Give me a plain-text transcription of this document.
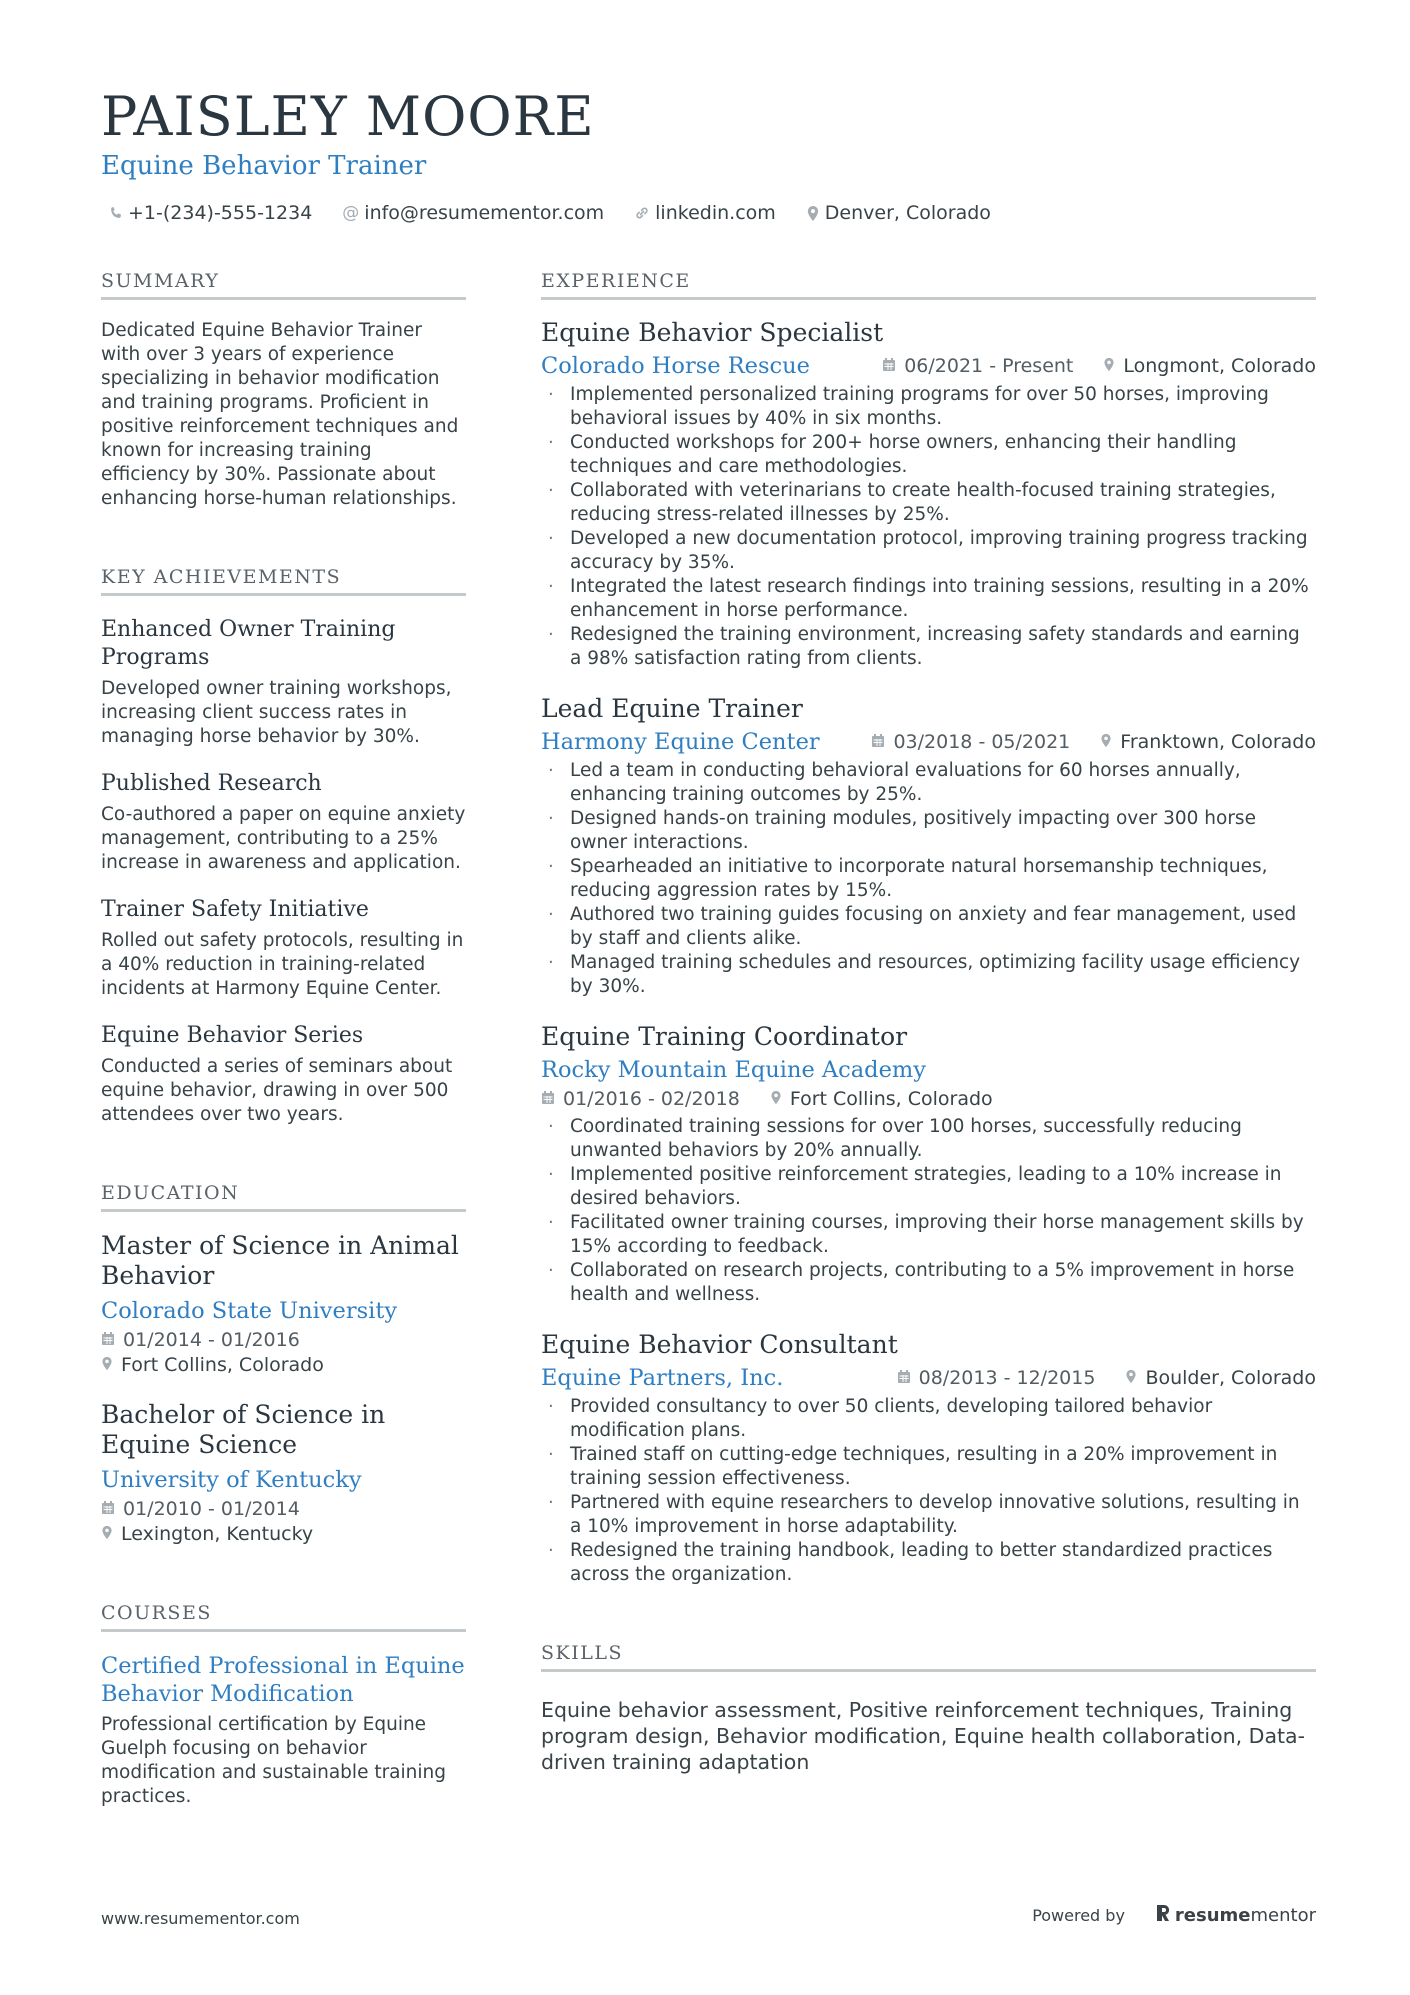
PAISLEY MOORE
Equine Behavior Trainer
+1-(234)-555-1234 @ info@resumementor.com	linkedin.com	Denver, Colorado
SUMMARY
Dedicated Equine Behavior Trainer with over 3 years of experience specializing in behavior modification and training programs. Proficient in positive reinforcement techniques and known for increasing training efficiency by 30%. Passionate about enhancing horse-human relationships.
KEY ACHIEVEMENTS
Enhanced Owner Training Programs
Developed owner training workshops, increasing client success rates in managing horse behavior by 30%.
Published Research
Co-authored a paper on equine anxiety management, contributing to a 25% increase in awareness and application.
Trainer Safety Initiative
Rolled out safety protocols, resulting in a 40% reduction in training-related incidents at Harmony Equine Center.
Equine Behavior Series
Conducted a series of seminars about equine behavior, drawing in over 500 attendees over two years.
EDUCATION
Master of Science in Animal Behavior
Colorado State University
01/2014 - 01/2016
Fort Collins, Colorado
Bachelor of Science in Equine Science
University of Kentucky
01/2010 - 01/2014
Lexington, Kentucky
COURSES
Certified Professional in Equine Behavior Modification
Professional certification by Equine Guelph focusing on behavior modification and sustainable training practices.
EXPERIENCE
Equine Behavior Specialist
Colorado Horse Rescue	06/2021 - Present	Longmont, Colorado
· Implemented personalized training programs for over 50 horses, improving behavioral issues by 40% in six months.
· Conducted workshops for 200+ horse owners, enhancing their handling techniques and care methodologies.
· Collaborated with veterinarians to create health-focused training strategies, reducing stress-related illnesses by 25%.
· Developed a new documentation protocol, improving training progress tracking accuracy by 35%.
· Integrated the latest research findings into training sessions, resulting in a 20% enhancement in horse performance.
· Redesigned the training environment, increasing safety standards and earning a 98% satisfaction rating from clients.
Lead Equine Trainer
Harmony Equine Center	03/2018 - 05/2021	Franktown, Colorado
· Led a team in conducting behavioral evaluations for 60 horses annually, enhancing training outcomes by 25%.
· Designed hands-on training modules, positively impacting over 300 horse owner interactions.
· Spearheaded an initiative to incorporate natural horsemanship techniques, reducing aggression rates by 15%.
· Authored two training guides focusing on anxiety and fear management, used by staff and clients alike.
· Managed training schedules and resources, optimizing facility usage efficiency by 30%.
Equine Training Coordinator
Rocky Mountain Equine Academy
01/2016 - 02/2018	Fort Collins, Colorado
· Coordinated training sessions for over 100 horses, successfully reducing unwanted behaviors by 20% annually.
· Implemented positive reinforcement strategies, leading to a 10% increase in desired behaviors.
· Facilitated owner training courses, improving their horse management skills by 15% according to feedback.
· Collaborated on research projects, contributing to a 5% improvement in horse health and wellness.
Equine Behavior Consultant
Equine Partners, Inc.	08/2013 - 12/2015	Boulder, Colorado
· Provided consultancy to over 50 clients, developing tailored behavior modification plans.
· Trained staff on cutting-edge techniques, resulting in a 20% improvement in training session effectiveness.
· Partnered with equine researchers to develop innovative solutions, resulting in a 10% improvement in horse adaptability.
· Redesigned the training handbook, leading to better standardized practices across the organization.
SKILLS
Equine behavior assessment, Positive reinforcement techniques, Training program design, Behavior modification, Equine health collaboration, Data-driven training adaptation
www.resumementor.com	Powered by	resume mentor
